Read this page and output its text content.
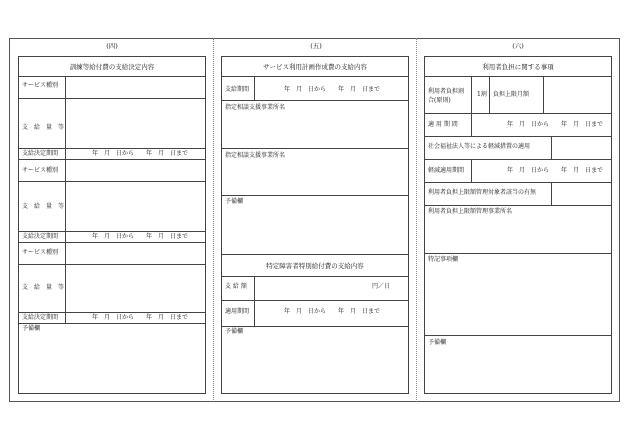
(四)
訓練等給付費の支給決定内容
サービス種別
支　給　量　等
支給決定期間	年　月　日から　　年　月　日まで
サービス種別
支　給　量　等
支給決定期間	年　月　日から　　年　月　日まで
サービス種別
支　給　量　等
支給決定期間	年　月　日から　　年　月　日まで
予備欄
(五)
サービス利用計画作成費の支給内容
支給期間	年　月　日から　　年　月　日まで
指定相談支援事業所名
指定相談支援事業所名
予備欄
特定障害者特別給付費の支給内容
支 給 額	円／日
適用期間	年　月　日から　　年　月　日まで
予備欄
(六)
利用者負担に関する事項
利用者負担割合(原則)
1割 負担上限月額
適 用 期 間	年　月　日から　　年　月　日まで
社会福祉法人等による軽減措置の適用
軽減適用期間	年　月　日から　　年　月　日まで
利用者負担上限額管理対象者該当の有無
利用者負担上限額管理事業所名
特記事項欄
予備欄
